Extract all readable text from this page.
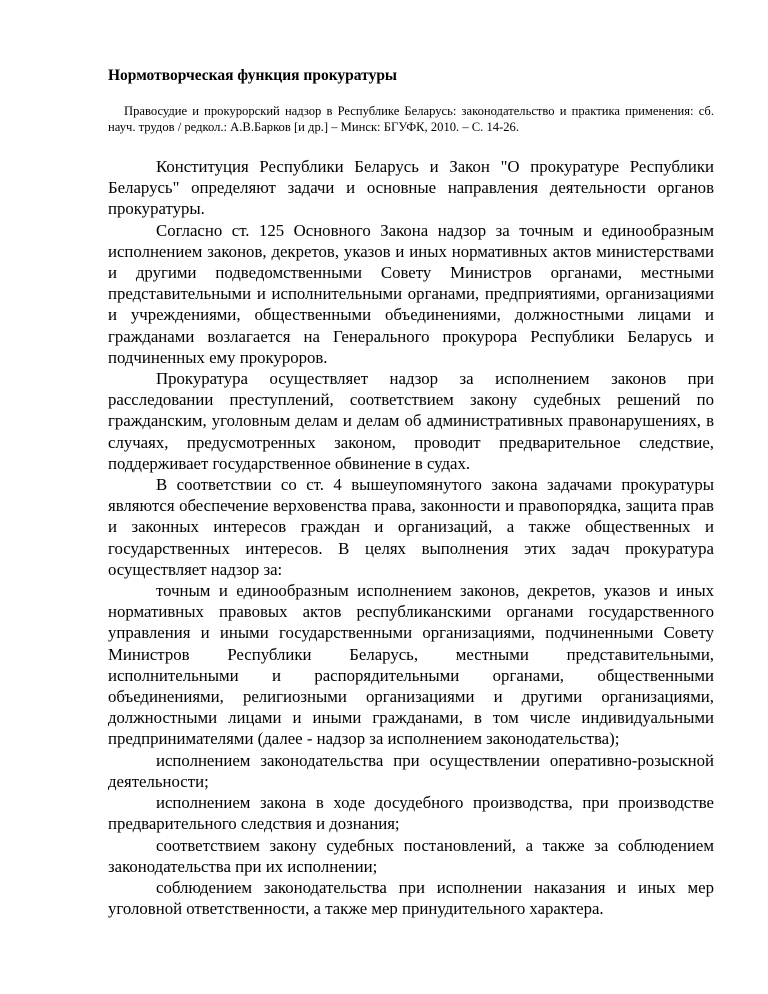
Нормотворческая функция прокуратуры

Правосудие и прокурорский надзор в Республике Беларусь: законодательство и практика применения: сб. науч. трудов / редкол.: А.В.Барков [и др.] – Минск: БГУФК, 2010. – С. 14-26.

Конституция Республики Беларусь и Закон "О прокуратуре Республики Беларусь" определяют задачи и основные направления деятельности органов прокуратуры.

Согласно ст. 125 Основного Закона надзор за точным и единообразным исполнением законов, декретов, указов и иных нормативных актов министерствами и другими подведомственными Совету Министров органами, местными представительными и исполнительными органами, предприятиями, организациями и учреждениями, общественными объединениями, должностными лицами и гражданами возлагается на Генерального прокурора Республики Беларусь и подчиненных ему прокуроров.

Прокуратура осуществляет надзор за исполнением законов при расследовании преступлений, соответствием закону судебных решений по гражданским, уголовным делам и делам об административных правонарушениях, в случаях, предусмотренных законом, проводит предварительное следствие, поддерживает государственное обвинение в судах.

В соответствии со ст. 4 вышеупомянутого закона задачами прокуратуры являются обеспечение верховенства права, законности и правопорядка, защита прав и законных интересов граждан и организаций, а также общественных и государственных интересов. В целях выполнения этих задач прокуратура осуществляет надзор за:

точным и единообразным исполнением законов, декретов, указов и иных нормативных правовых актов республиканскими органами государственного управления и иными государственными организациями, подчиненными Совету Министров Республики Беларусь, местными представительными, исполнительными и распорядительными органами, общественными объединениями, религиозными организациями и другими организациями, должностными лицами и иными гражданами, в том числе индивидуальными предпринимателями (далее - надзор за исполнением законодательства);

исполнением законодательства при осуществлении оперативно-розыскной деятельности;

исполнением закона в ходе досудебного производства, при производстве предварительного следствия и дознания;

соответствием закону судебных постановлений, а также за соблюдением законодательства при их исполнении;

соблюдением законодательства при исполнении наказания и иных мер уголовной ответственности, а также мер принудительного характера.
